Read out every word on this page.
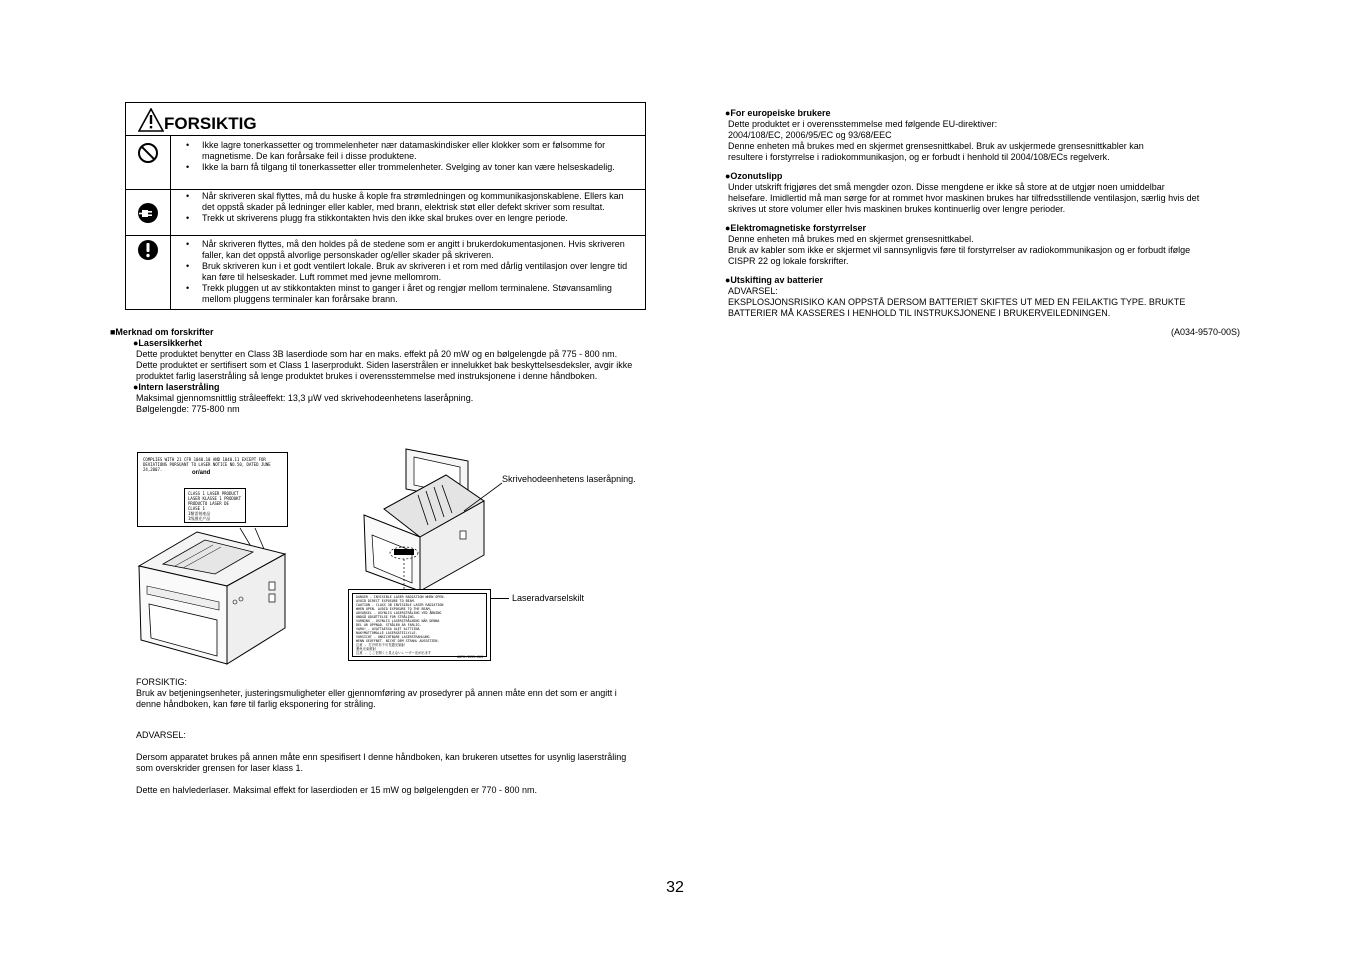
FORSIKTIG
• Ikke lagre tonerkassetter og trommelenheter nær datamaskindisker eller klokker som er følsomme for magnetisme. De kan forårsake feil i disse produktene.
• Ikke la barn få tilgang til tonerkassetter eller trommelenheter. Svelging av toner kan være helseskadelig.
• Når skriveren skal flyttes, må du huske å kople fra strømledningen og kommunikasjonskablene. Ellers kan det oppstå skader på ledninger eller kabler, med brann, elektrisk støt eller defekt skriver som resultat.
• Trekk ut skriverens plugg fra stikkontakten hvis den ikke skal brukes over en lengre periode.
• Når skriveren flyttes, må den holdes på de stedene som er angitt i brukerdokumentasjonen. Hvis skriveren faller, kan det oppstå alvorlige personskader og/eller skader på skriveren.
• Bruk skriveren kun i et godt ventilert lokale. Bruk av skriveren i et rom med dårlig ventilasjon over lengre tid kan føre til helseskader. Luft rommet med jevne mellomrom.
• Trekk pluggen ut av stikkontakten minst to ganger i året og rengjør mellom terminalene. Støvansamling mellom pluggens terminaler kan forårsake brann.
■Merknad om forskrifter
●Lasersikkerhet
Dette produktet benytter en Class 3B laserdiode som har en maks. effekt på 20 mW og en bølgelengde på 775 - 800 nm.
Dette produktet er sertifisert som et Class 1 laserprodukt. Siden laserstrålen er innelukket bak beskyttelsesdeksler, avgir ikke
produktet farlig laserstråling så lenge produktet brukes i overensstemmelse med instruksjonene i denne håndboken.
●Intern laserstråling
Maksimal gjennomsnittlig stråleeffekt: 13,3 μW ved skrivehodeenhetens laseråpning.
Bølgelengde: 775-800 nm
COMPLIES WITH 21 CFR 1040.10 AND 1040.11 EXCEPT FOR
DEVIATIONS PURSUANT TO LASER NOTICE NO.50, DATED JUNE 24,2007.
or/and
CLASS 1 LASER PRODUCT
LASER KLASSE 1 PRODUKT
PRODUCTO LASER DE CLASE 1
1類雷射產品
1级激光产品
Skrivehodeenhetens laseråpning.
DANGER - INVISIBLE LASER RADIATION WHEN OPEN.
AVOID DIRECT EXPOSURE TO BEAM.
CAUTION - CLASS 3B INVISIBLE LASER RADIATION
WHEN OPEN. AVOID EXPOSURE TO THE BEAM.
ADVARSEL - USYNLIG LASERSTRÅLING VED ÅBNING
UNDGÅ UDSÆTTELSE FOR STRÅLING.
VARNING - OSYNLIG LASERSTRÅLNING NÄR DENNA
DEL ÄR ÖPPNAD. STRÅLEN ÄR FARLIG.
VARO! - AVATTAESSA OLET ALTTIINA
NÄKYMÄTTÖMÄLLE LASERSÄTEILYLLE.
VORSICHT - UNSICHTBARE LASERSTRAHLUNG
WENN GEÖFFNET. NICHT DEM STRAHL AUSSETZEN.
注意 - 打开时有不可见激光辐射
避免光束照射
注意 - ここを開くと見えないレーザー光が出ます
A0FK-9559-00S
Laseradvarselskilt
FORSIKTIG:
Bruk av betjeningsenheter, justeringsmuligheter eller gjennomføring av prosedyrer på annen måte enn det som er angitt i
denne håndboken, kan føre til farlig eksponering for stråling.
ADVARSEL:
Dersom apparatet brukes på annen måte enn spesifisert I denne håndboken, kan brukeren utsettes for usynlig laserstråling
som overskrider grensen for laser klass 1.
Dette en halvlederlaser. Maksimal effekt for laserdioden er 15 mW og bølgelengden er 770 - 800 nm.
●For europeiske brukere
Dette produktet er i overensstemmelse med følgende EU-direktiver:
2004/108/EC, 2006/95/EC og 93/68/EEC
Denne enheten må brukes med en skjermet grensesnittkabel. Bruk av uskjermede grensesnittkabler kan
resultere i forstyrrelse i radiokommunikasjon, og er forbudt i henhold til 2004/108/ECs regelverk.
●Ozonutslipp
Under utskrift frigjøres det små mengder ozon. Disse mengdene er ikke så store at de utgjør noen umiddelbar
helsefare. Imidlertid må man sørge for at rommet hvor maskinen brukes har tilfredsstillende ventilasjon, særlig hvis det
skrives ut store volumer eller hvis maskinen brukes kontinuerlig over lengre perioder.
●Elektromagnetiske forstyrrelser
Denne enheten må brukes med en skjermet grensesnittkabel.
Bruk av kabler som ikke er skjermet vil sannsynligvis føre til forstyrrelser av radiokommunikasjon og er forbudt ifølge
CISPR 22 og lokale forskrifter.
●Utskifting av batterier
ADVARSEL:
EKSPLOSJONSRISIKO KAN OPPSTÅ DERSOM BATTERIET SKIFTES UT MED EN FEILAKTIG TYPE. BRUKTE
BATTERIER MÅ KASSERES I HENHOLD TIL INSTRUKSJONENE I BRUKERVEILEDNINGEN.
(A034-9570-00S)
32
